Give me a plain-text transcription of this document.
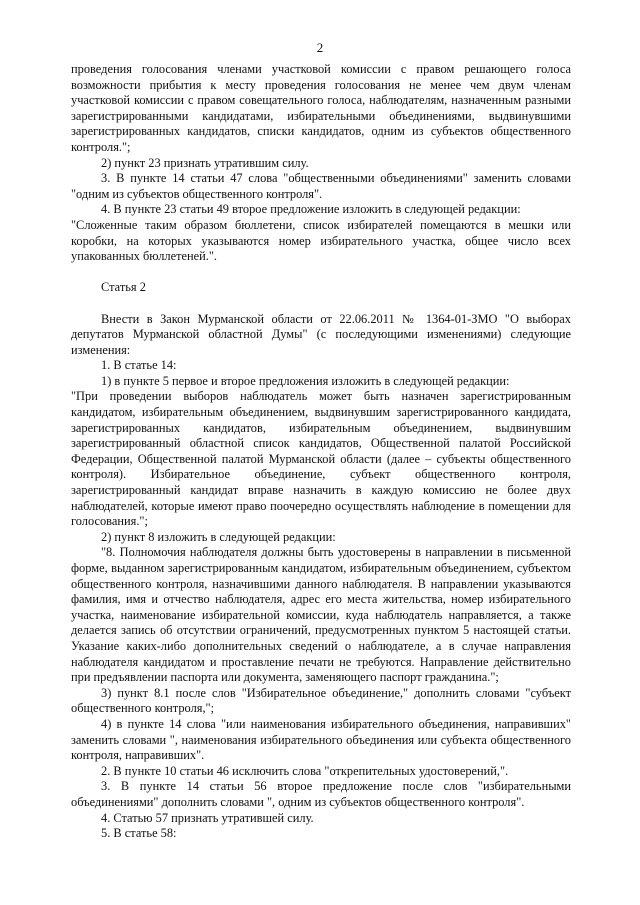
2

проведения голосования членами участковой комиссии с правом решающего голоса возможности прибытия к месту проведения голосования не менее чем двум членам участковой комиссии с правом совещательного голоса, наблюдателям, назначенным разными зарегистрированными кандидатами, избирательными объединениями, выдвинувшими зарегистрированных кандидатов, списки кандидатов, одним из субъектов общественного контроля.";

2) пункт 23 признать утратившим силу.

3. В пункте 14 статьи 47 слова "общественными объединениями" заменить словами "одним из субъектов общественного контроля".

4. В пункте 23 статьи 49 второе предложение изложить в следующей редакции:

"Сложенные таким образом бюллетени, список избирателей помещаются в мешки или коробки, на которых указываются номер избирательного участка, общее число всех упакованных бюллетеней.".

Статья 2

Внести в Закон Мурманской области от 22.06.2011 № 1364-01-ЗМО "О выборах депутатов Мурманской областной Думы" (с последующими изменениями) следующие изменения:

1. В статье 14:

1) в пункте 5 первое и второе предложения изложить в следующей редакции:

"При проведении выборов наблюдатель может быть назначен зарегистрированным кандидатом, избирательным объединением, выдвинувшим зарегистрированного кандидата, зарегистрированных кандидатов, избирательным объединением, выдвинувшим зарегистрированный областной список кандидатов, Общественной палатой Российской Федерации, Общественной палатой Мурманской области (далее – субъекты общественного контроля). Избирательное объединение, субъект общественного контроля, зарегистрированный кандидат вправе назначить в каждую комиссию не более двух наблюдателей, которые имеют право поочередно осуществлять наблюдение в помещении для голосования.";

2) пункт 8 изложить в следующей редакции:

"8. Полномочия наблюдателя должны быть удостоверены в направлении в письменной форме, выданном зарегистрированным кандидатом, избирательным объединением, субъектом общественного контроля, назначившими данного наблюдателя. В направлении указываются фамилия, имя и отчество наблюдателя, адрес его места жительства, номер избирательного участка, наименование избирательной комиссии, куда наблюдатель направляется, а также делается запись об отсутствии ограничений, предусмотренных пунктом 5 настоящей статьи. Указание каких-либо дополнительных сведений о наблюдателе, а в случае направления наблюдателя кандидатом и проставление печати не требуются. Направление действительно при предъявлении паспорта или документа, заменяющего паспорт гражданина.";

3) пункт 8.1 после слов "Избирательное объединение," дополнить словами "субъект общественного контроля,";

4) в пункте 14 слова "или наименования избирательного объединения, направивших" заменить словами ", наименования избирательного объединения или субъекта общественного контроля, направивших".

2. В пункте 10 статьи 46 исключить слова "открепительных удостоверений,".

3. В пункте 14 статьи 56 второе предложение после слов "избирательными объединениями" дополнить словами ", одним из субъектов общественного контроля".

4. Статью 57 признать утратившей силу.

5. В статье 58:
